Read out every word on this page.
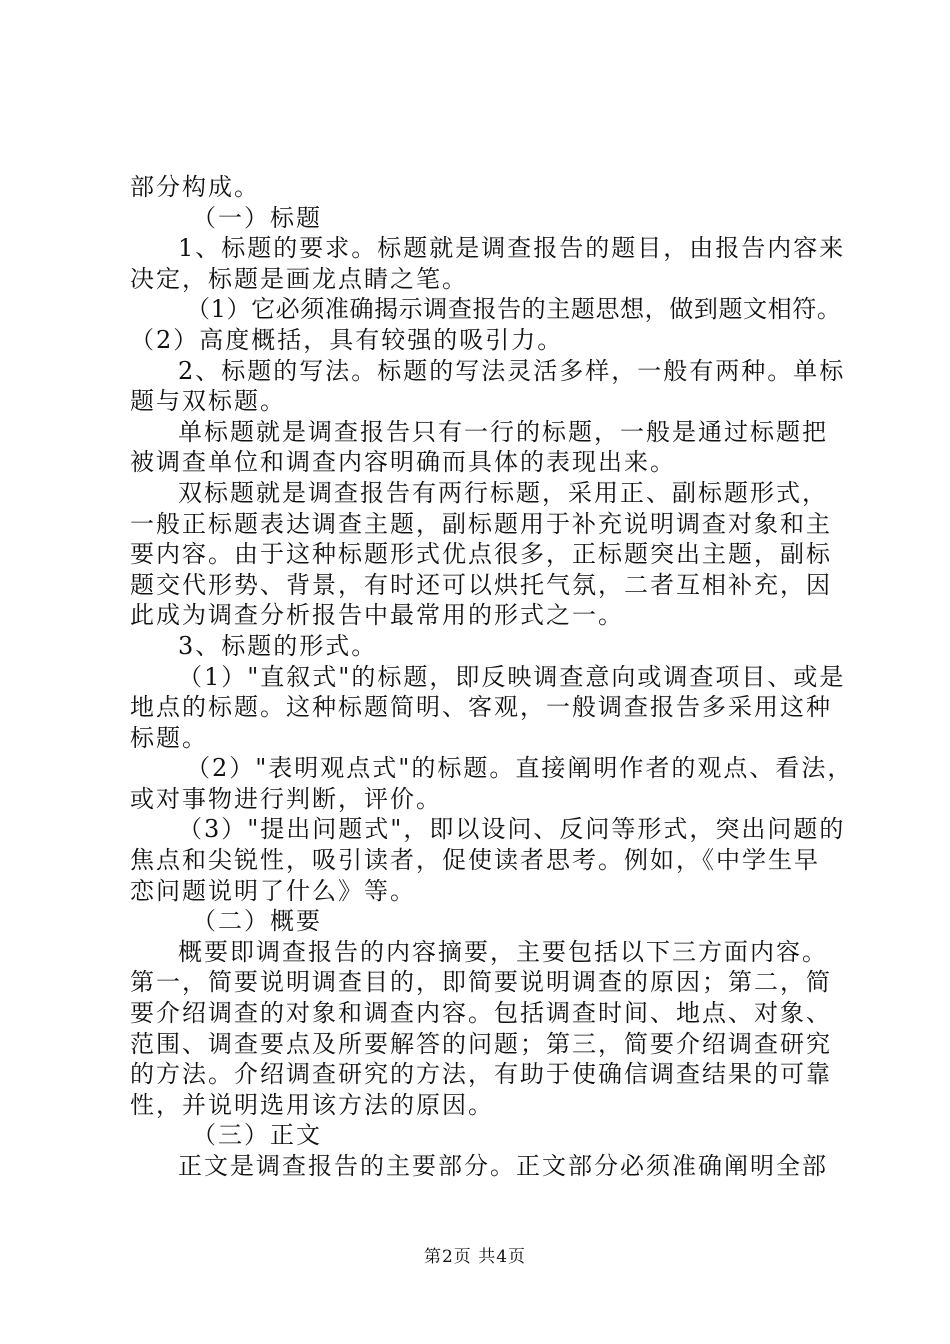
部分构成。
（一）标题
1、标题的要求。标题就是调查报告的题目，由报告内容来
决定，标题是画龙点睛之笔。
（1）它必须准确揭示调查报告的主题思想，做到题文相符。
（2）高度概括，具有较强的吸引力。
2、标题的写法。标题的写法灵活多样，一般有两种。单标
题与双标题。
单标题就是调查报告只有一行的标题，一般是通过标题把
被调查单位和调查内容明确而具体的表现出来。
双标题就是调查报告有两行标题，采用正、副标题形式，
一般正标题表达调查主题，副标题用于补充说明调查对象和主
要内容。由于这种标题形式优点很多，正标题突出主题，副标
题交代形势、背景，有时还可以烘托气氛，二者互相补充，因
此成为调查分析报告中最常用的形式之一。
3、标题的形式。
（1）"直叙式"的标题，即反映调查意向或调查项目、或是
地点的标题。这种标题简明、客观，一般调查报告多采用这种
标题。
（2）"表明观点式"的标题。直接阐明作者的观点、看法，
或对事物进行判断，评价。
（3）"提出问题式"，即以设问、反问等形式，突出问题的
焦点和尖锐性，吸引读者，促使读者思考。例如，《中学生早
恋问题说明了什么》等。
（二）概要
概要即调查报告的内容摘要，主要包括以下三方面内容。
第一，简要说明调查目的，即简要说明调查的原因；第二，简
要介绍调查的对象和调查内容。包括调查时间、地点、对象、
范围、调查要点及所要解答的问题；第三，简要介绍调查研究
的方法。介绍调查研究的方法，有助于使确信调查结果的可靠
性，并说明选用该方法的原因。
（三）正文
正文是调查报告的主要部分。正文部分必须准确阐明全部
第2页 共4页
